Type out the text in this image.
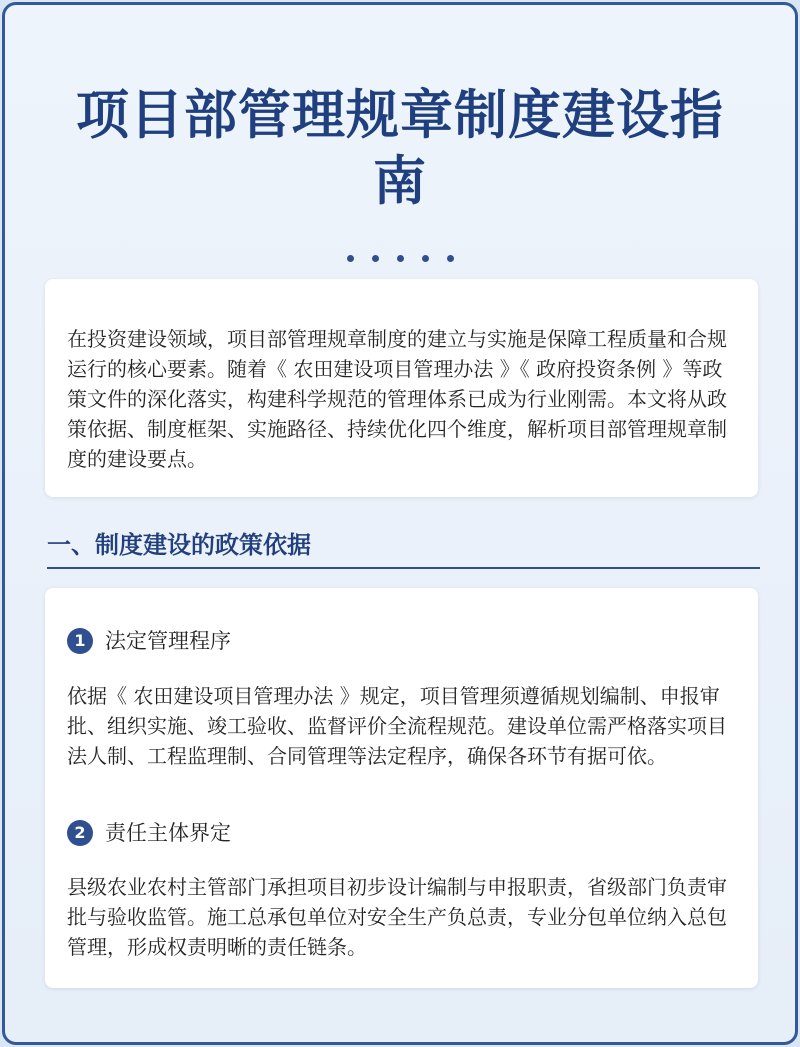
项目部管理规章制度建设指
南
在投资建设领域，项目部管理规章制度的建立与实施是保障工程质量和合规运行的核心要素。随着《 农田建设项目管理办法 》《 政府投资条例 》等政策文件的深化落实，构建科学规范的管理体系已成为行业刚需。本文将从政策依据、制度框架、实施路径、持续优化四个维度，解析项目部管理规章制度的建设要点。
一、制度建设的政策依据
1 法定管理程序
依据《 农田建设项目管理办法 》规定，项目管理须遵循规划编制、申报审批、组织实施、竣工验收、监督评价全流程规范。建设单位需严格落实项目法人制、工程监理制、合同管理等法定程序，确保各环节有据可依。
2 责任主体界定
县级农业农村主管部门承担项目初步设计编制与申报职责，省级部门负责审批与验收监管。施工总承包单位对安全生产负总责，专业分包单位纳入总包管理，形成权责明晰的责任链条。
